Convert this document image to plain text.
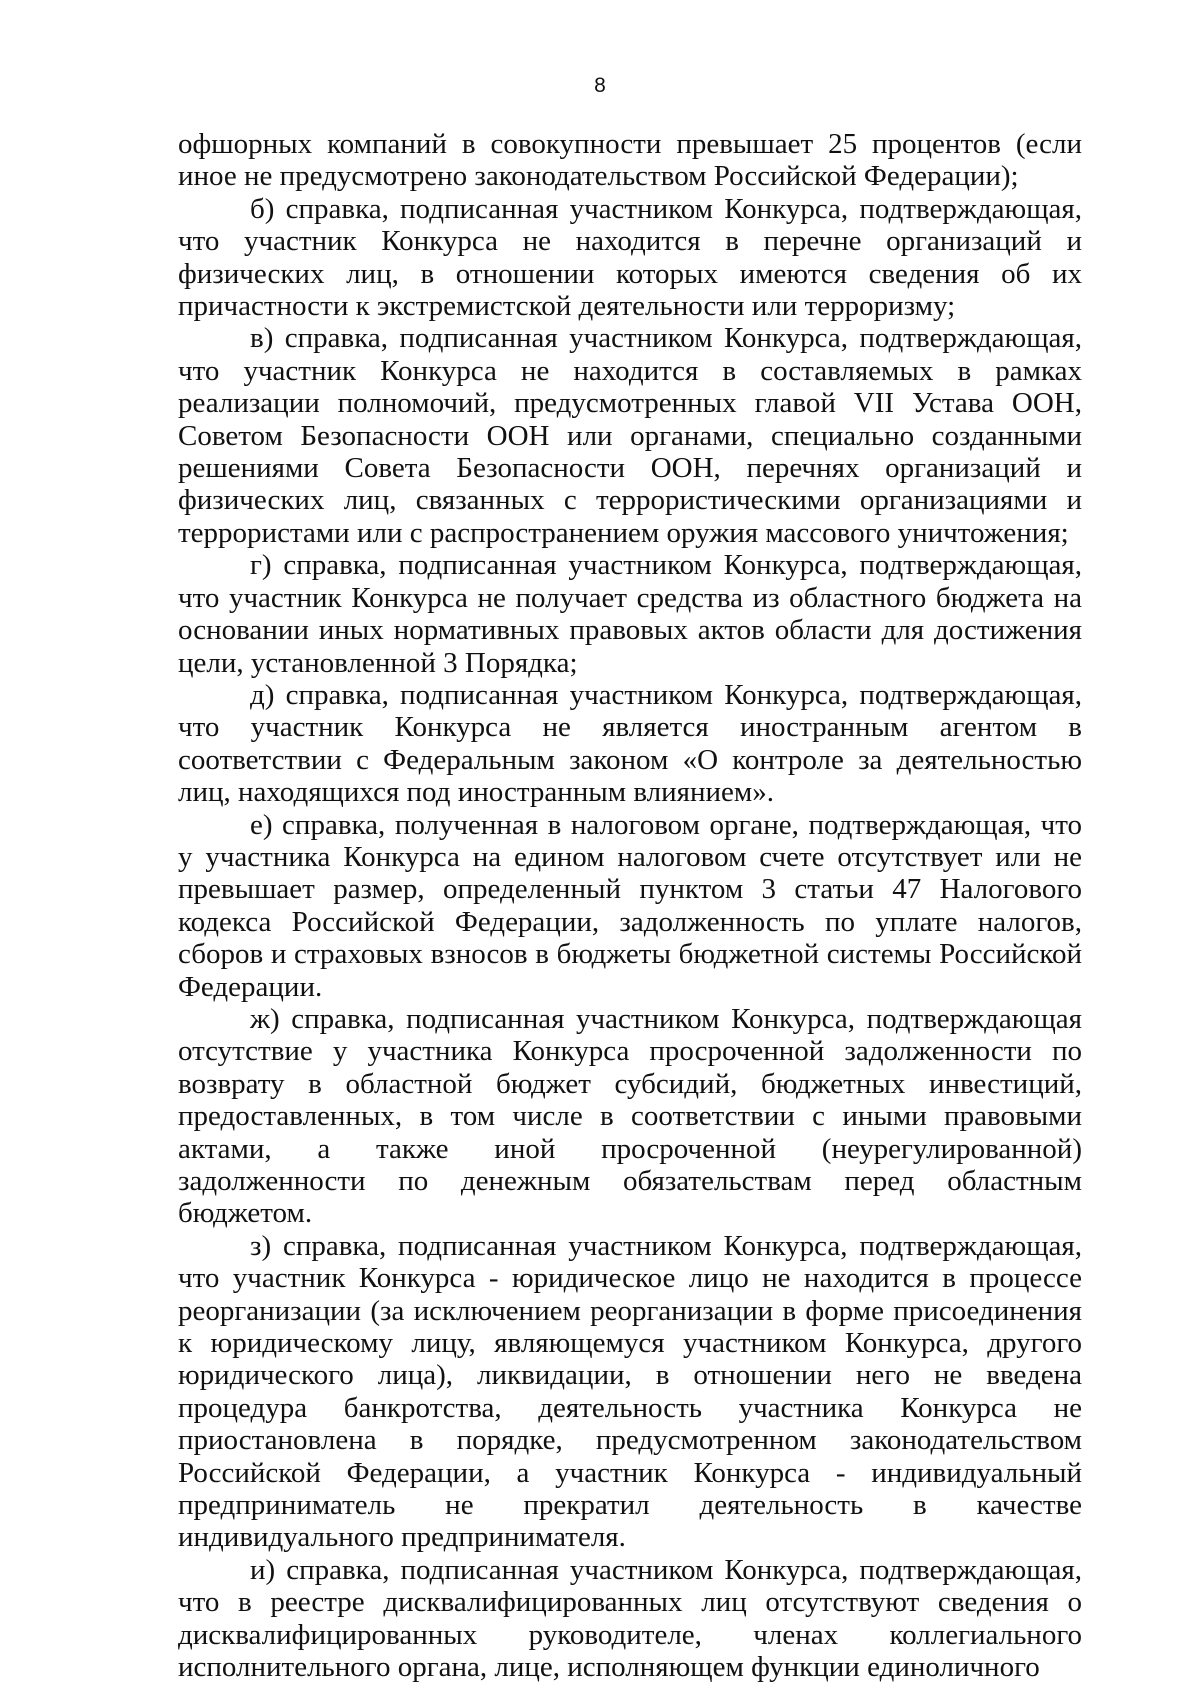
8

офшорных компаний в совокупности превышает 25 процентов (если иное не предусмотрено законодательством Российской Федерации);

б) справка, подписанная участником Конкурса, подтверждающая, что участник Конкурса не находится в перечне организаций и физических лиц, в отношении которых имеются сведения об их причастности к экстремистской деятельности или терроризму;

в) справка, подписанная участником Конкурса, подтверждающая, что участник Конкурса не находится в составляемых в рамках реализации полномочий, предусмотренных главой VII Устава ООН, Советом Безопасности ООН или органами, специально созданными решениями Совета Безопасности ООН, перечнях организаций и физических лиц, связанных с террористическими организациями и террористами или с распространением оружия массового уничтожения;

г) справка, подписанная участником Конкурса, подтверждающая, что участник Конкурса не получает средства из областного бюджета на основании иных нормативных правовых актов области для достижения цели, установленной 3 Порядка;

д) справка, подписанная участником Конкурса, подтверждающая, что участник Конкурса не является иностранным агентом в соответствии с Федеральным законом «О контроле за деятельностью лиц, находящихся под иностранным влиянием».

е) справка, полученная в налоговом органе, подтверждающая, что у участника Конкурса на едином налоговом счете отсутствует или не превышает размер, определенный пунктом 3 статьи 47 Налогового кодекса Российской Федерации, задолженность по уплате налогов, сборов и страховых взносов в бюджеты бюджетной системы Российской Федерации.

ж) справка, подписанная участником Конкурса, подтверждающая отсутствие у участника Конкурса просроченной задолженности по возврату в областной бюджет субсидий, бюджетных инвестиций, предоставленных, в том числе в соответствии с иными правовыми актами, а также иной просроченной (неурегулированной) задолженности по денежным обязательствам перед областным бюджетом.

з) справка, подписанная участником Конкурса, подтверждающая, что участник Конкурса - юридическое лицо не находится в процессе реорганизации (за исключением реорганизации в форме присоединения к юридическому лицу, являющемуся участником Конкурса, другого юридического лица), ликвидации, в отношении него не введена процедура банкротства, деятельность участника Конкурса не приостановлена в порядке, предусмотренном законодательством Российской Федерации, а участник Конкурса - индивидуальный предприниматель не прекратил деятельность в качестве индивидуального предпринимателя.

и) справка, подписанная участником Конкурса, подтверждающая, что в реестре дисквалифицированных лиц отсутствуют сведения о дисквалифицированных руководителе, членах коллегиального исполнительного органа, лице, исполняющем функции единоличного
